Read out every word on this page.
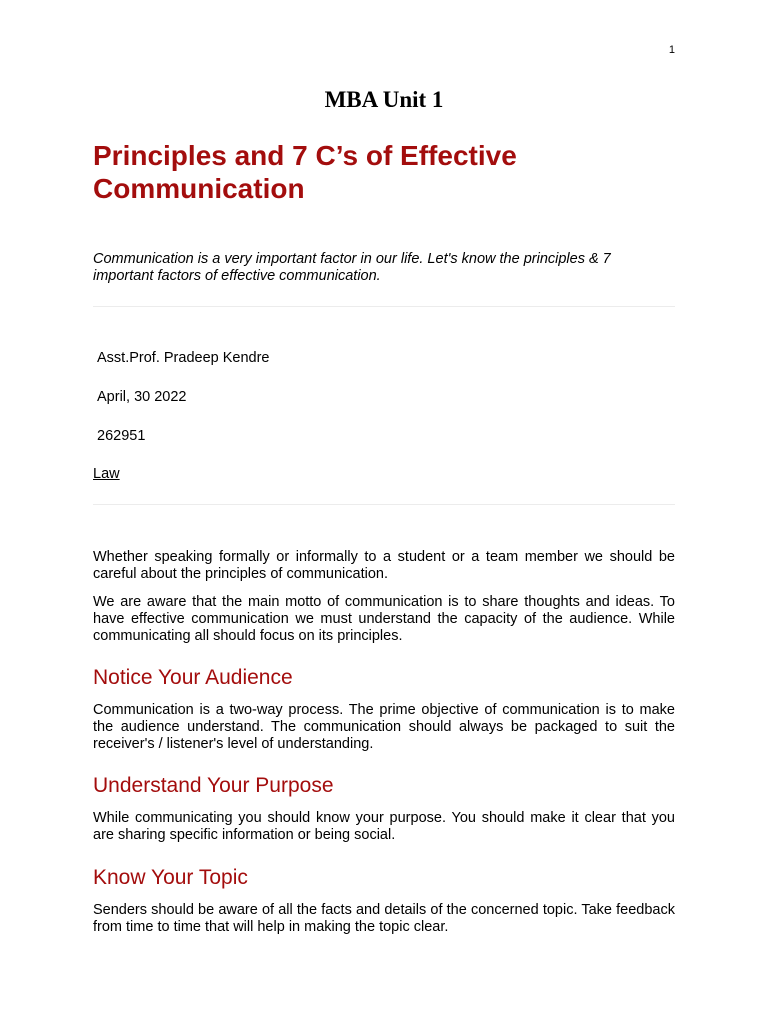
1
MBA Unit 1
Principles and 7 C’s of Effective Communication

Communication is a very important factor in our life. Let's know the principles & 7 important factors of effective communication.

Asst.Prof. Pradeep Kendre

April, 30 2022

262951

Law

Whether speaking formally or informally to a student or a team member we should be careful about the principles of communication.

We are aware that the main motto of communication is to share thoughts and ideas. To have effective communication we must understand the capacity of the audience. While communicating all should focus on its principles.

Notice Your Audience

Communication is a two-way process. The prime objective of communication is to make the audience understand. The communication should always be packaged to suit the receiver's / listener's level of understanding.

Understand Your Purpose

While communicating you should know your purpose. You should make it clear that you are sharing specific information or being social.

Know Your Topic

Senders should be aware of all the facts and details of the concerned topic. Take feedback from time to time that will help in making the topic clear.
